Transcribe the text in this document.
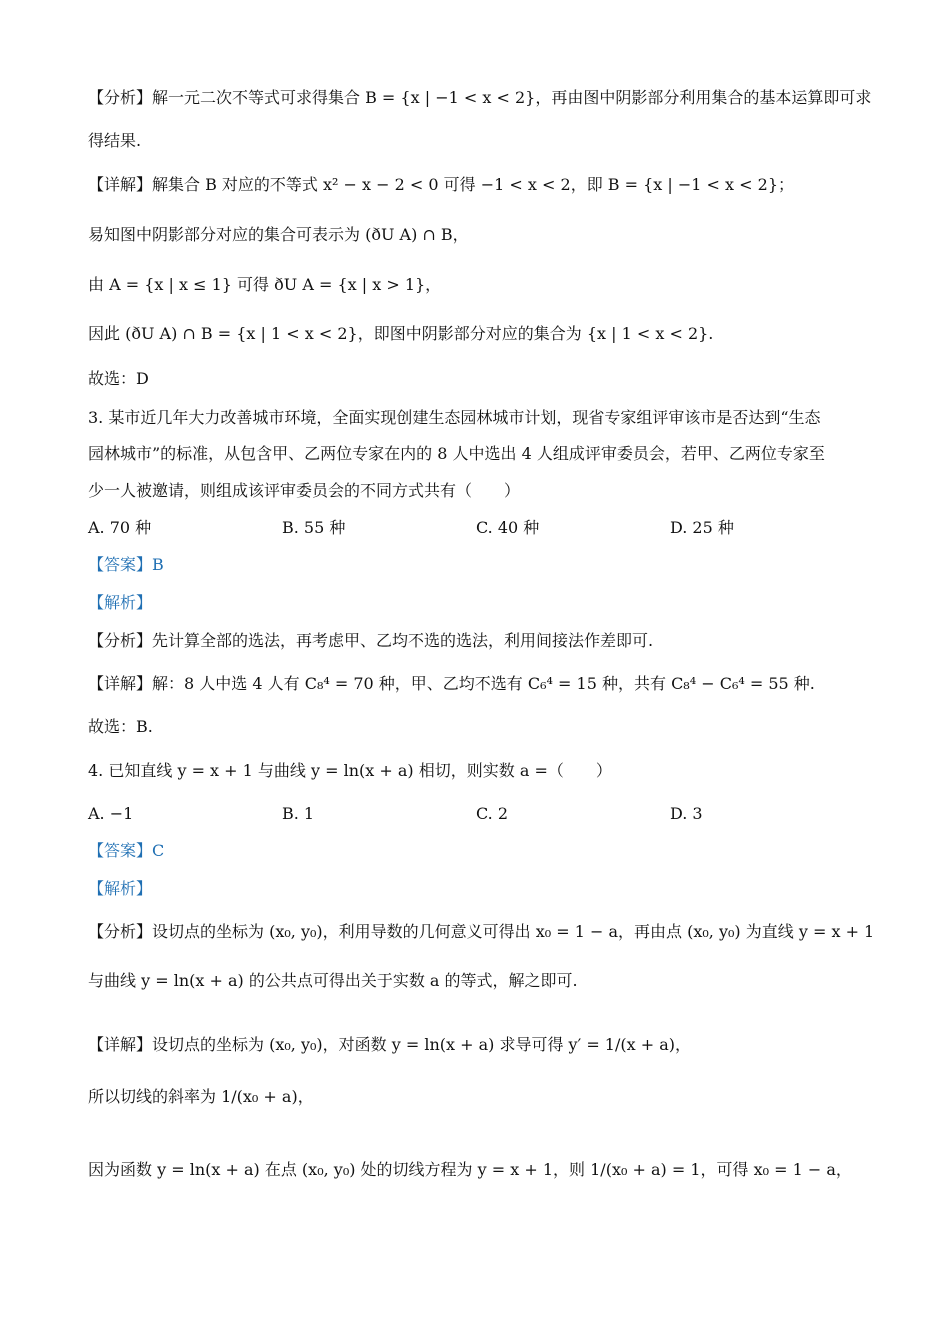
【分析】解一元二次不等式可求得集合 B = {x | −1 < x < 2}，再由图中阴影部分利用集合的基本运算即可求
得结果.
【详解】解集合 B 对应的不等式 x² − x − 2 < 0 可得 −1 < x < 2，即 B = {x | −1 < x < 2}；
易知图中阴影部分对应的集合可表示为 (ðU A) ∩ B，
由 A = {x | x ≤ 1} 可得 ðU A = {x | x > 1}，
因此 (ðU A) ∩ B = {x | 1 < x < 2}，即图中阴影部分对应的集合为 {x | 1 < x < 2}.
故选：D
3. 某市近几年大力改善城市环境，全面实现创建生态园林城市计划，现省专家组评审该市是否达到“生态
园林城市”的标准，从包含甲、乙两位专家在内的 8 人中选出 4 人组成评审委员会，若甲、乙两位专家至
少一人被邀请，则组成该评审委员会的不同方式共有（　　）
A. 70 种	B. 55 种	C. 40 种	D. 25 种
【答案】B
【解析】
【分析】先计算全部的选法，再考虑甲、乙均不选的选法，利用间接法作差即可.
【详解】解：8 人中选 4 人有 C₈⁴ = 70 种，甲、乙均不选有 C₆⁴ = 15 种，共有 C₈⁴ − C₆⁴ = 55 种.
故选：B.
4. 已知直线 y = x + 1 与曲线 y = ln(x + a) 相切，则实数 a =（　　）
A. −1	B. 1	C. 2	D. 3
【答案】C
【解析】
【分析】设切点的坐标为 (x₀, y₀)，利用导数的几何意义可得出 x₀ = 1 − a，再由点 (x₀, y₀) 为直线 y = x + 1
与曲线 y = ln(x + a) 的公共点可得出关于实数 a 的等式，解之即可.
【详解】设切点的坐标为 (x₀, y₀)，对函数 y = ln(x + a) 求导可得 y′ = 1/(x + a)，
所以切线的斜率为 1/(x₀ + a)，
因为函数 y = ln(x + a) 在点 (x₀, y₀) 处的切线方程为 y = x + 1，则 1/(x₀ + a) = 1，可得 x₀ = 1 − a，
